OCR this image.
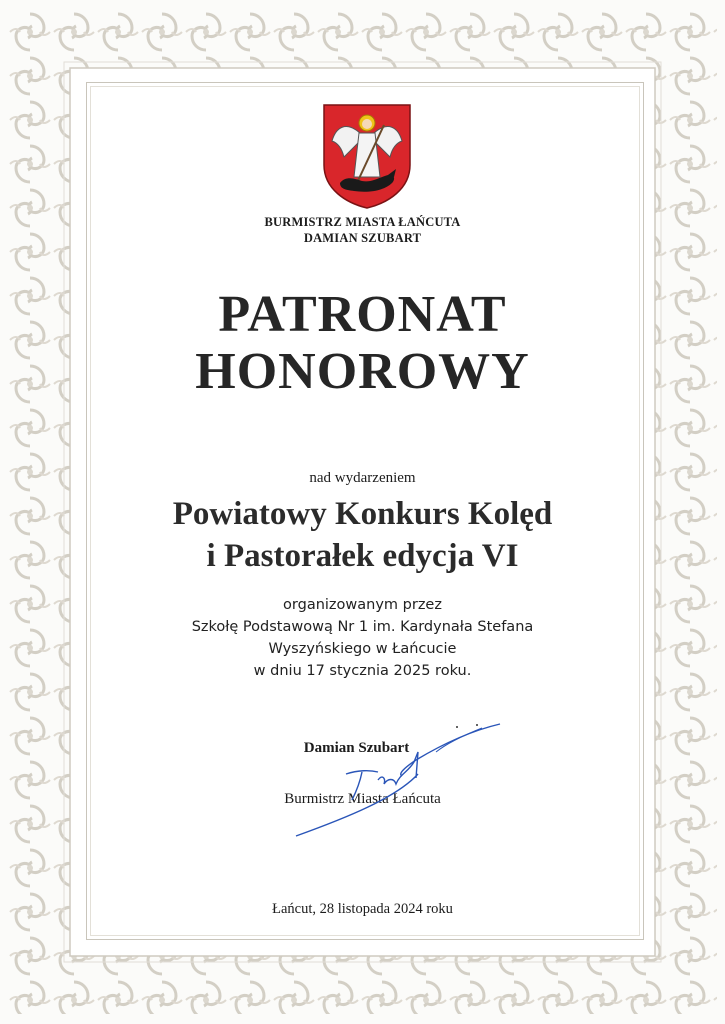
BURMISTRZ MIASTA ŁAŃCUTA
DAMIAN SZUBART
PATRONAT
HONOROWY
nad wydarzeniem
Powiatowy Konkurs Kolęd
i Pastorałek edycja VI
organizowanym przez
Szkołę Podstawową Nr 1 im. Kardynała Stefana
Wyszyńskiego w Łańcucie
w dniu 17 stycznia 2025 roku.
Damian Szubart
Burmistrz Miasta Łańcuta
Łańcut, 28 listopada 2024 roku
